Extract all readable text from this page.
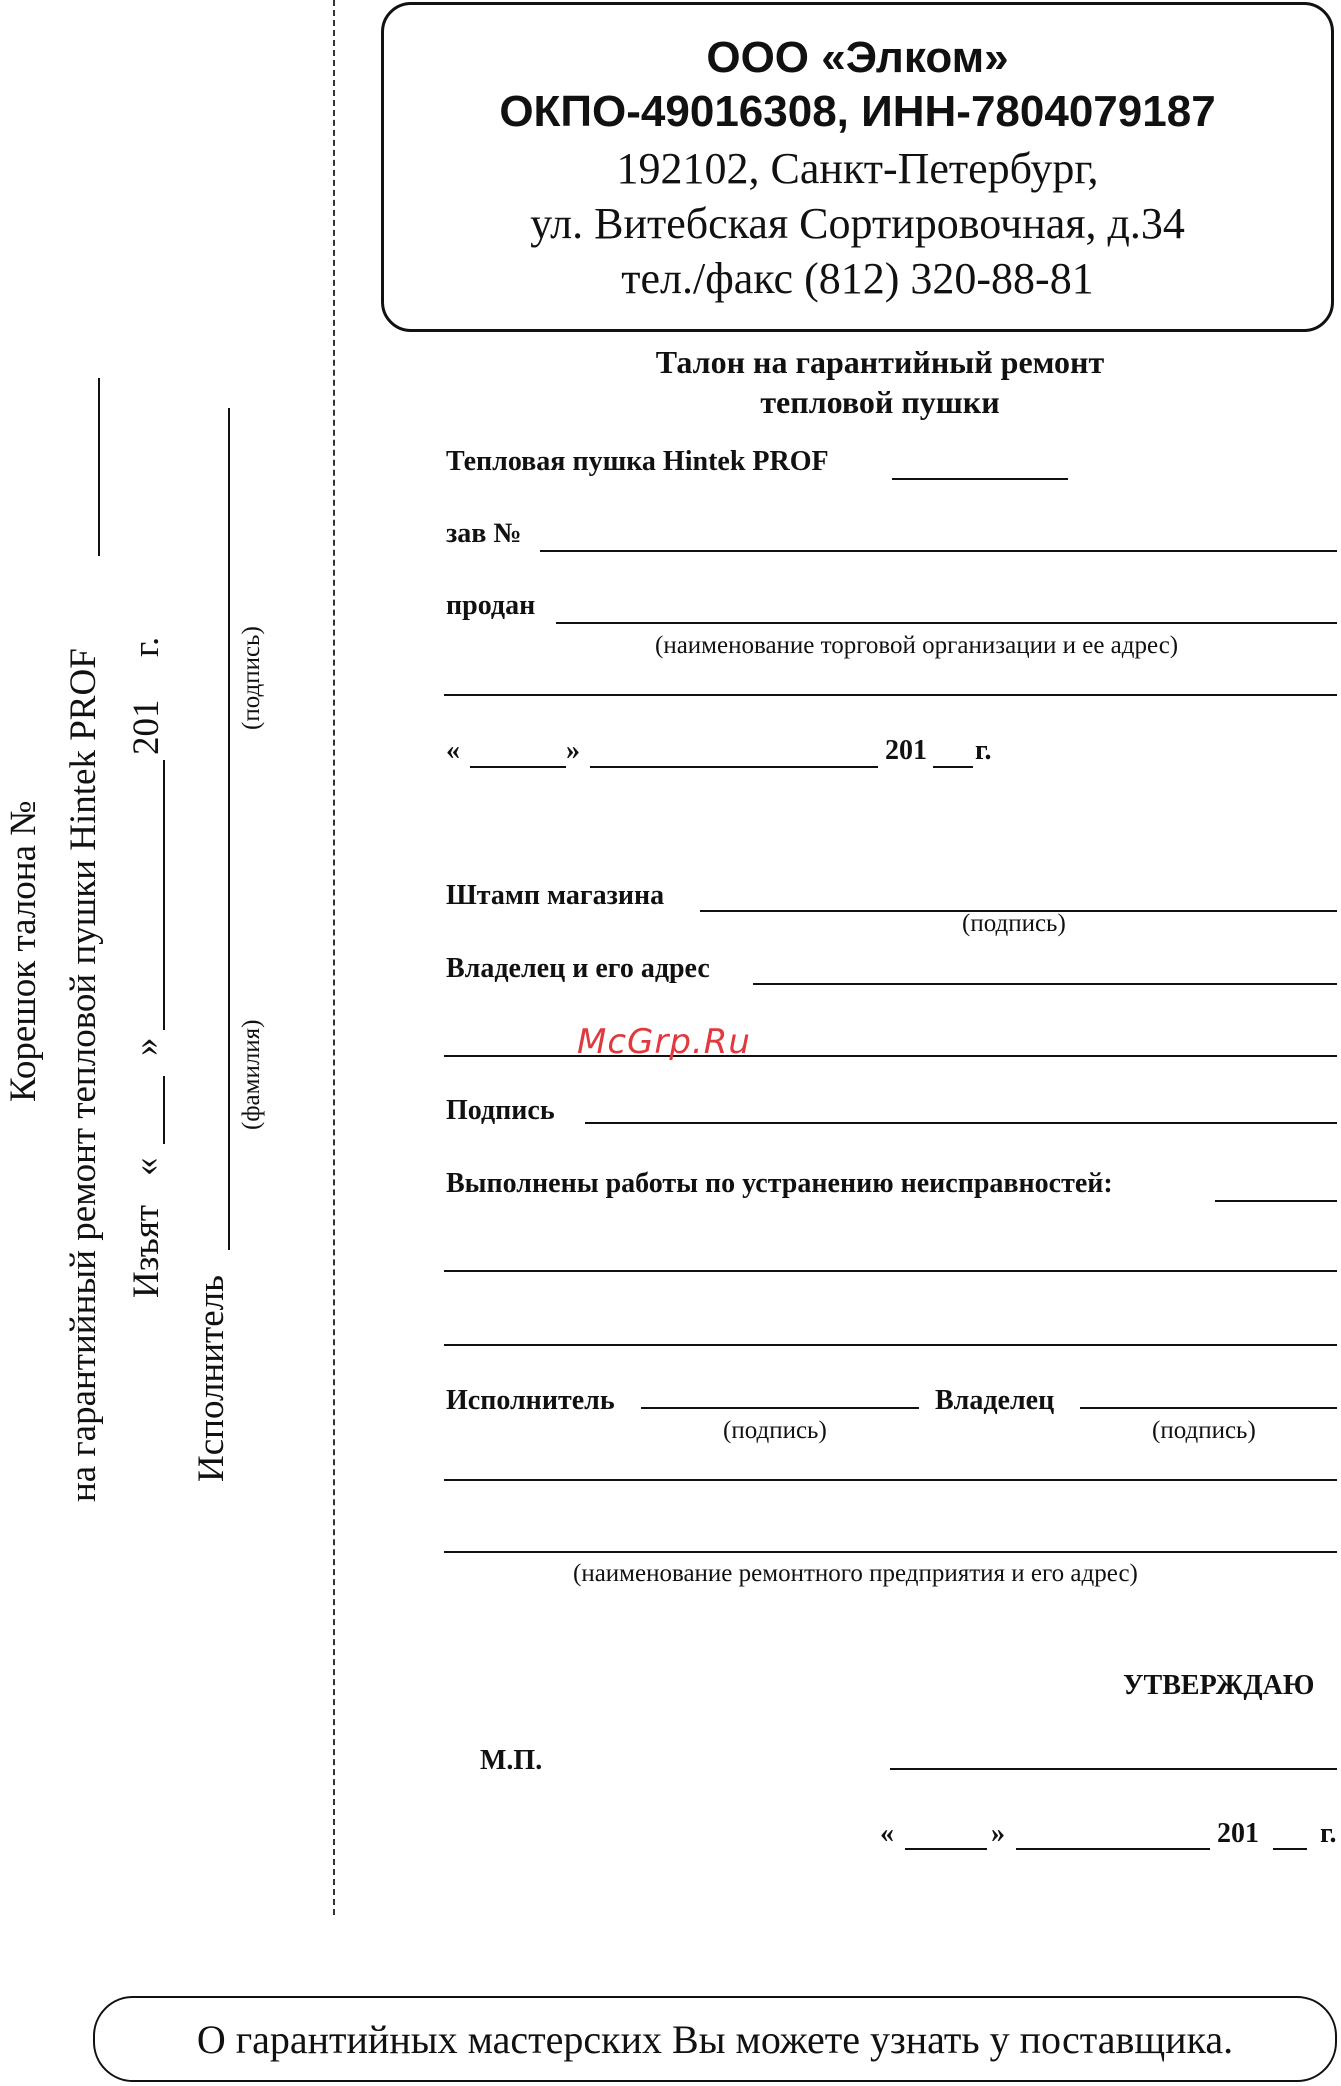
ООО «Элком»
ОКПО-49016308, ИНН-7804079187
192102, Санкт-Петербург,
ул. Витебская Сортировочная, д.34
тел./факс (812) 320-88-81
Талон на гарантийный ремонт
тепловой пушки
Тепловая пушка Hintek PROF
зав №
продан
(наименование торговой организации и ее адрес)
«	»	201 г.
Штамп магазина
(подпись)
Владелец и его адрес
McGrp.Ru
Подпись
Выполнены работы по устранению неисправностей:
Исполнитель
(подпись)
Владелец
(подпись)
(наименование ремонтного предприятия и его адрес)
УТВЕРЖДАЮ
М.П.
«	»	201 г.
Корешок талона № на гарантийный ремонт тепловой пушки Hintek PROF Изъят
«
»
201
г.
Исполнитель
(фамилия)
(подпись)
О гарантийных мастерских Вы можете узнать у поставщика.
